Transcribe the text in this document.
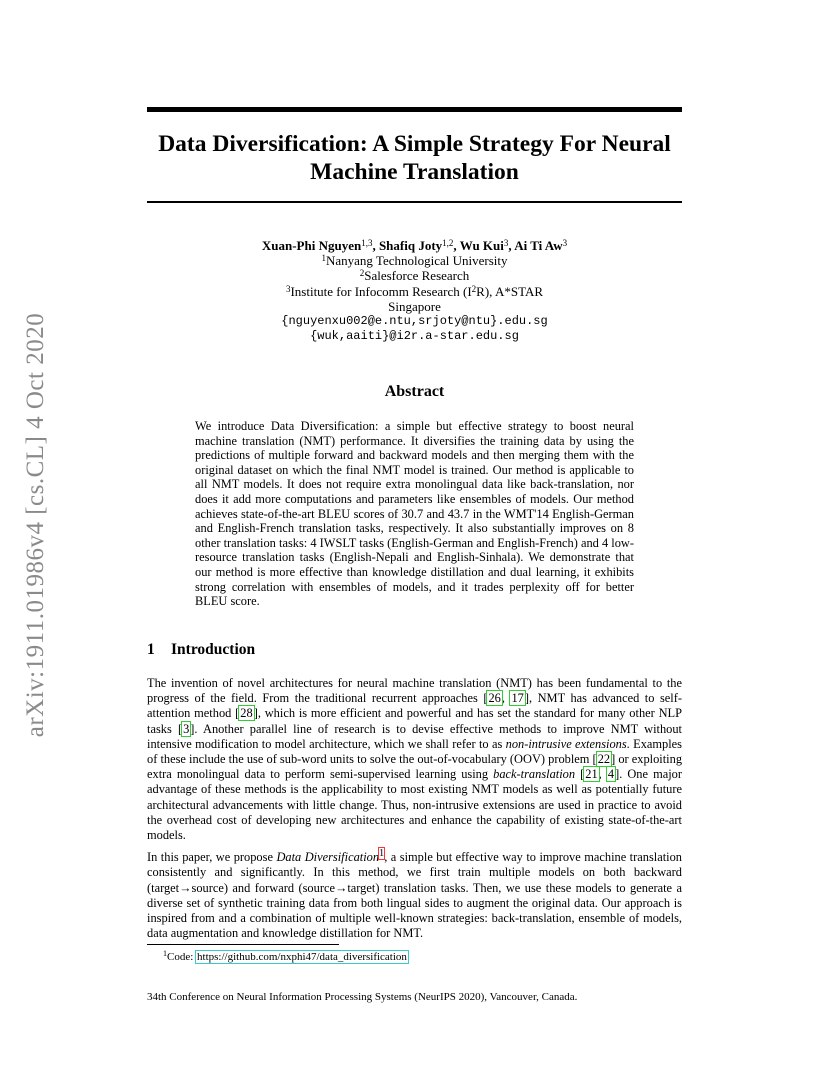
arXiv:1911.01986v4 [cs.CL] 4 Oct 2020
Data Diversification: A Simple Strategy For Neural Machine Translation
Xuan-Phi Nguyen$^{1,3}$, Shafiq Joty$^{1,2}$, Wu Kui$^3$, Ai Ti Aw$^3$
$^1$Nanyang Technological University
$^2$Salesforce Research
$^3$Institute for Infocomm Research $(I^2R)$, A*STAR
Singapore
{nguyenxu002@e.ntu,srjoty@ntu}.edu.sg
{wuk,aaiti}@i2r.a-star.edu.sg
Abstract
We introduce Data Diversification: a simple but effective strategy to boost neural machine translation (NMT) performance. It diversifies the training data by using the predictions of multiple forward and backward models and then merging them with the original dataset on which the final NMT model is trained. Our method is applicable to all NMT models. It does not require extra monolingual data like back-translation, nor does it add more computations and parameters like ensembles of models. Our method achieves state-of-the-art BLEU scores of 30.7 and 43.7 in the WMT'14 English-German and English-French translation tasks, respectively. It also substantially improves on 8 other translation tasks: 4 IWSLT tasks (English-German and English-French) and 4 low-resource translation tasks (English-Nepali and English-Sinhala). We demonstrate that our method is more effective than knowledge distillation and dual learning, it exhibits strong correlation with ensembles of models, and it trades perplexity off for better BLEU score.
1 Introduction
The invention of novel architectures for neural machine translation (NMT) has been fundamental to the progress of the field. From the traditional recurrent approaches [26, 17], NMT has advanced to self-attention method [28], which is more efficient and powerful and has set the standard for many other NLP tasks [3]. Another parallel line of research is to devise effective methods to improve NMT without intensive modification to model architecture, which we shall refer to as non-intrusive extensions. Examples of these include the use of sub-word units to solve the out-of-vocabulary (OOV) problem [22] or exploiting extra monolingual data to perform semi-supervised learning using back-translation [21, 4]. One major advantage of these methods is the applicability to most existing NMT models as well as potentially future architectural advancements with little change. Thus, non-intrusive extensions are used in practice to avoid the overhead cost of developing new architectures and enhance the capability of existing state-of-the-art models.
In this paper, we propose Data Diversification$^1$, a simple but effective way to improve machine translation consistently and significantly. In this method, we first train multiple models on both backward (target→source) and forward (source→target) translation tasks. Then, we use these models to generate a diverse set of synthetic training data from both lingual sides to augment the original data. Our approach is inspired from and a combination of multiple well-known strategies: back-translation, ensemble of models, data augmentation and knowledge distillation for NMT.
$^1$Code: https://github.com/nxphi47/data_diversification
34th Conference on Neural Information Processing Systems (NeurIPS 2020), Vancouver, Canada.
